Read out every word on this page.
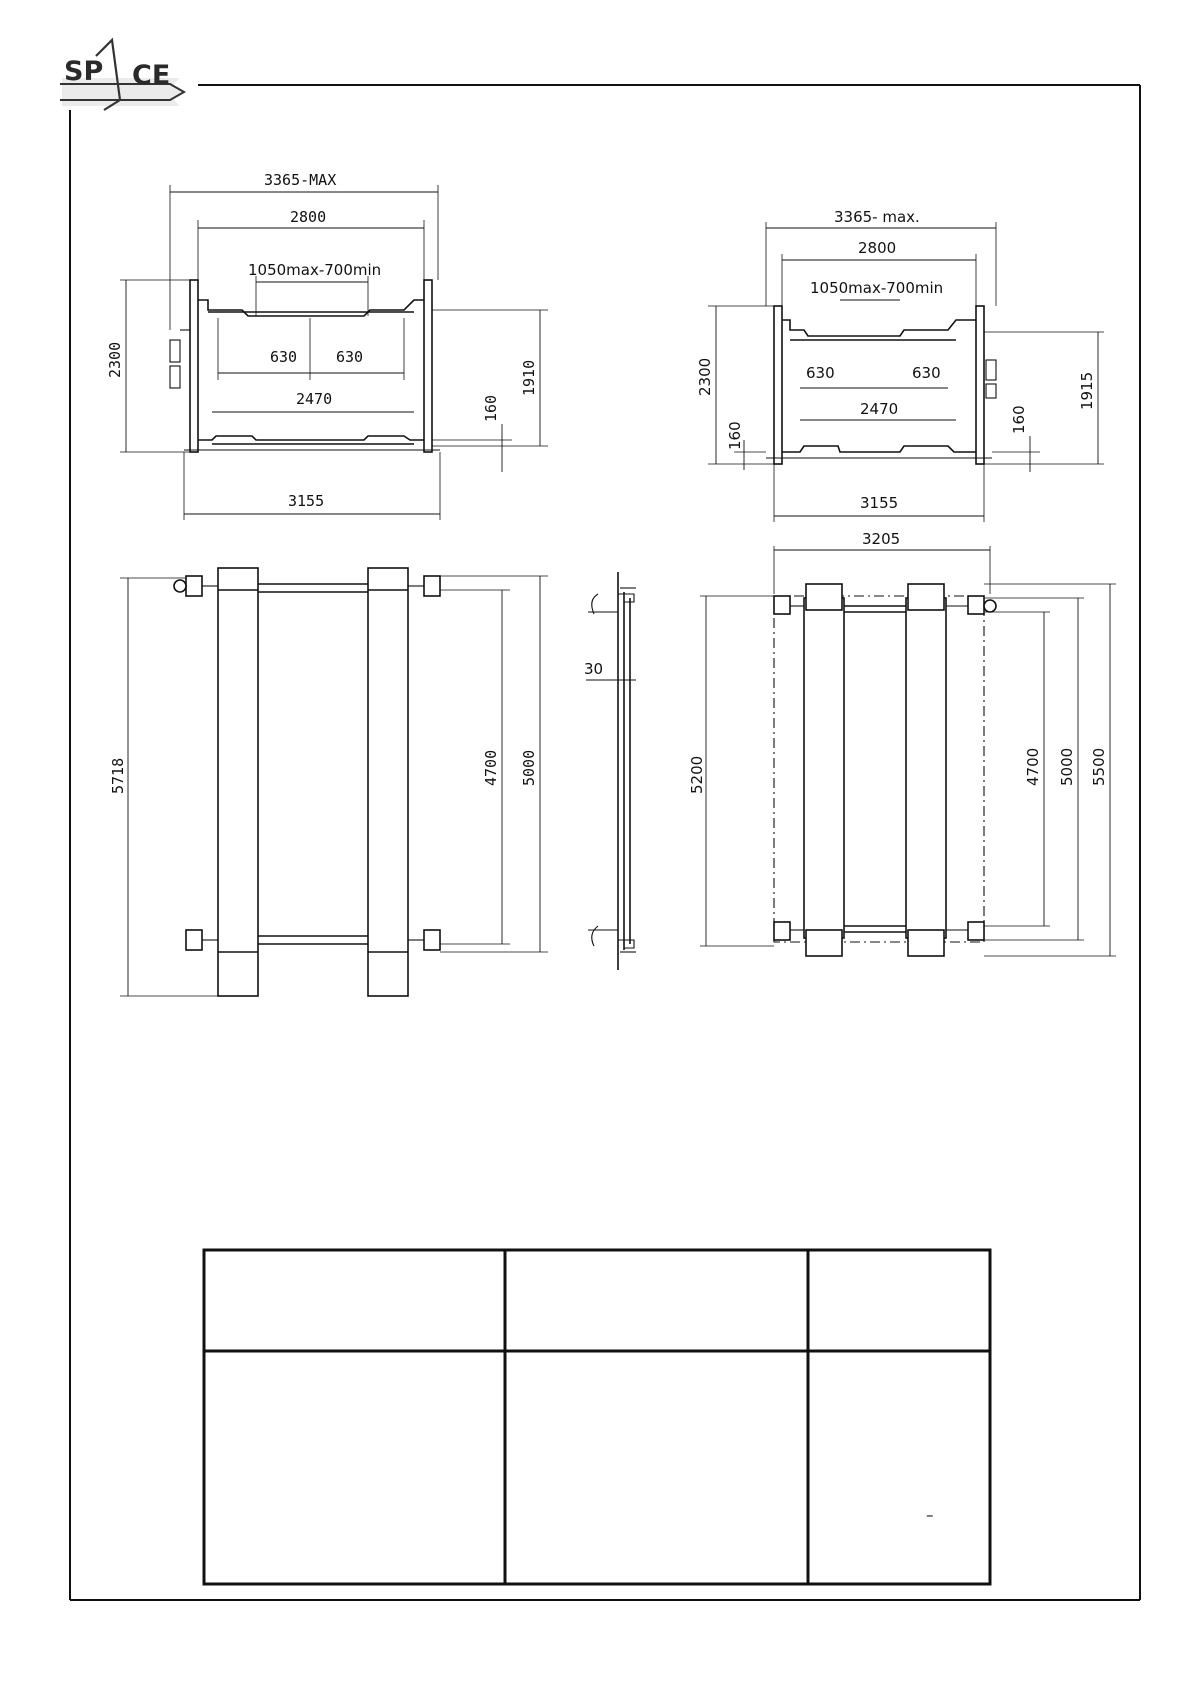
SP CE
3365-MAX
2800
1050max-700min
630	630
2470
2300	1910
160
3155
3365- max.
2800
1050max-700min
630	630
2470
2300
160
1915
160
3155
5718	4700 5000
30
3205
5200	4700 5000 5500
–
